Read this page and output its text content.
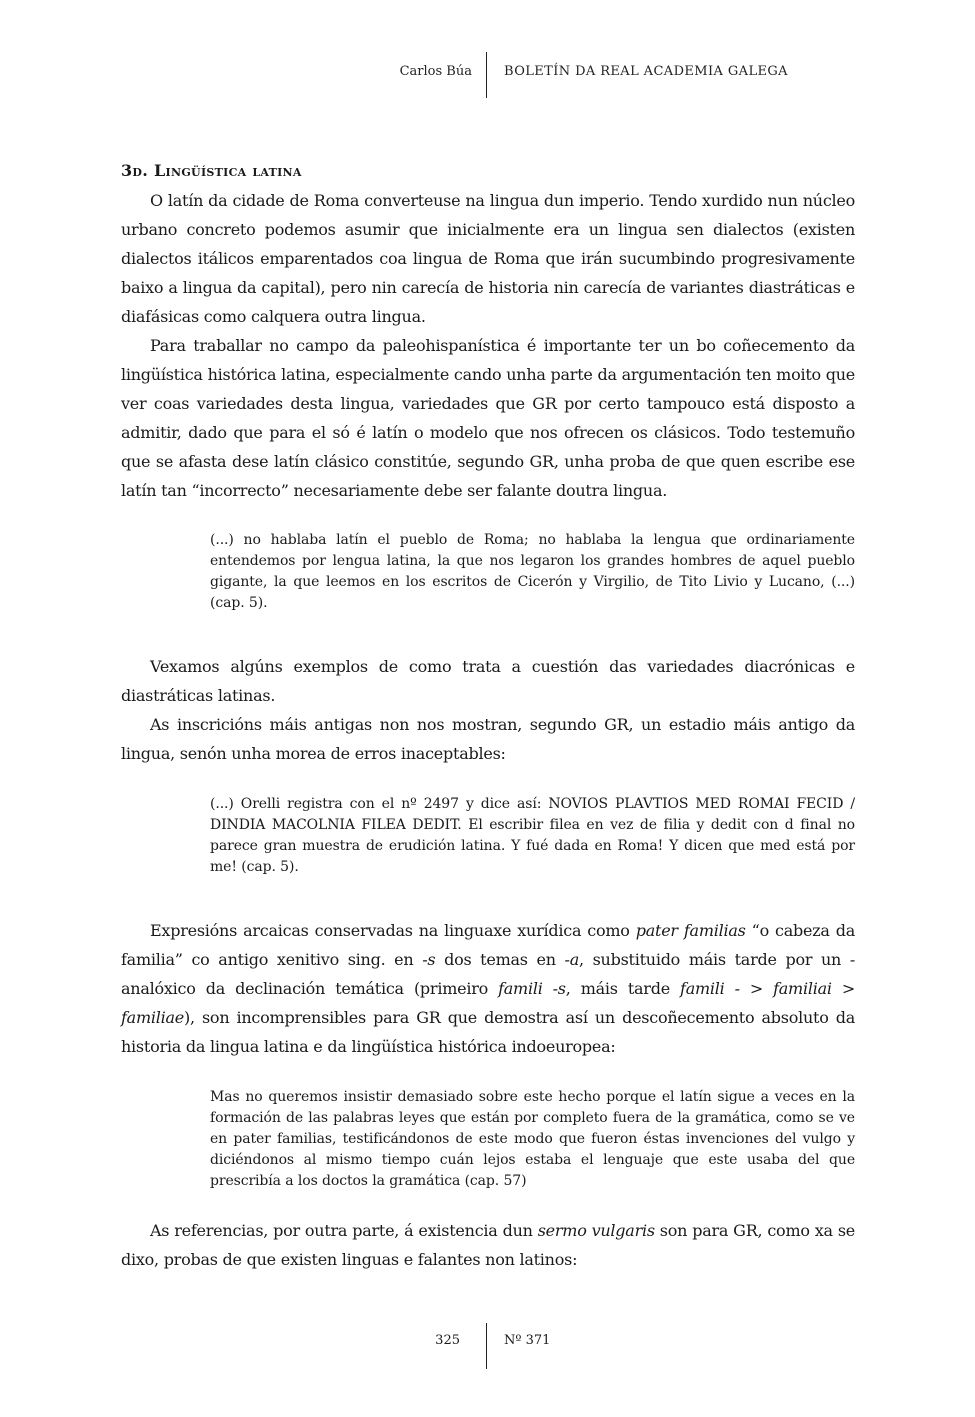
Carlos Búa BOLETÍN DA REAL ACADEMIA GALEGA
3d. Lingüística latina

O latín da cidade de Roma converteuse na lingua dun imperio. Tendo xurdido nun núcleo urbano concreto podemos asumir que inicialmente era un lingua sen dialectos (existen dialectos itálicos emparentados coa lingua de Roma que irán sucumbindo progresivamente baixo a lingua da capital), pero nin carecía de historia nin carecía de variantes diastráticas e diafásicas como calquera outra lingua.

Para traballar no campo da paleohispanística é importante ter un bo coñecemento da lingüística histórica latina, especialmente cando unha parte da argumentación ten moito que ver coas variedades desta lingua, variedades que GR por certo tampouco está disposto a admitir, dado que para el só é latín o modelo que nos ofrecen os clásicos. Todo testemuño que se afasta dese latín clásico constitúe, segundo GR, unha proba de que quen escribe ese latín tan “incorrecto” necesariamente debe ser falante doutra lingua.

(...) no hablaba latín el pueblo de Roma; no hablaba la lengua que ordinariamente entendemos por lengua latina, la que nos legaron los grandes hombres de aquel pueblo gigante, la que leemos en los escritos de Cicerón y Virgilio, de Tito Livio y Lucano, (...) (cap. 5).

Vexamos algúns exemplos de como trata a cuestión das variedades diacrónicas e diastráticas latinas.

As inscricións máis antigas non nos mostran, segundo GR, un estadio máis antigo da lingua, senón unha morea de erros inaceptables:

(...) Orelli registra con el nº 2497 y dice así: NOVIOS PLAVTIOS MED ROMAI FECID / DINDIA MACOLNIA FILEA DEDIT. El escribir filea en vez de filia y dedit con d final no parece gran muestra de erudición latina. Y fué dada en Roma! Y dicen que med está por me! (cap. 5).

Expresións arcaicas conservadas na linguaxe xurídica como pater familias “o cabeza da familia” co antigo xenitivo sing. en -s dos temas en -a, substituido máis tarde por un - analóxico da declinación temática (primeiro famili -s, máis tarde famili - > familiai > familiae), son incomprensibles para GR que demostra así un descoñecemento absoluto da historia da lingua latina e da lingüística histórica indoeuropea:

Mas no queremos insistir demasiado sobre este hecho porque el latín sigue a veces en la formación de las palabras leyes que están por completo fuera de la gramática, como se ve en pater familias, testificándonos de este modo que fueron éstas invenciones del vulgo y diciéndonos al mismo tiempo cuán lejos estaba el lenguaje que este usaba del que prescribía a los doctos la gramática (cap. 57)

As referencias, por outra parte, á existencia dun sermo vulgaris son para GR, como xa se dixo, probas de que existen linguas e falantes non latinos:

325	Nº 371
